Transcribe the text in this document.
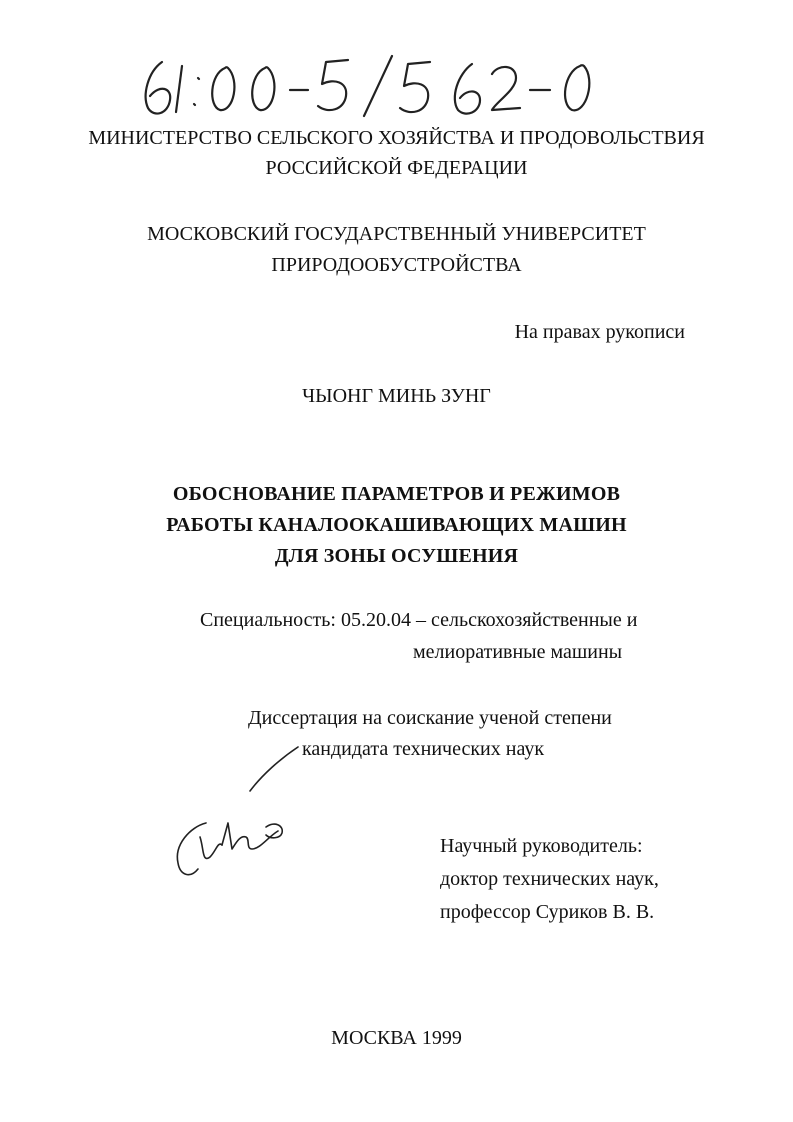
МИНИСТЕРСТВО СЕЛЬСКОГО ХОЗЯЙСТВА И ПРОДОВОЛЬСТВИЯ
РОССИЙСКОЙ ФЕДЕРАЦИИ
МОСКОВСКИЙ ГОСУДАРСТВЕННЫЙ УНИВЕРСИТЕТ
ПРИРОДООБУСТРОЙСТВА
На правах рукописи
ЧЫОНГ МИНЬ ЗУНГ
ОБОСНОВАНИЕ ПАРАМЕТРОВ И РЕЖИМОВ
РАБОТЫ КАНАЛООКАШИВАЮЩИХ МАШИН
ДЛЯ ЗОНЫ ОСУШЕНИЯ
Специальность: 05.20.04 – сельскохозяйственные и
мелиоративные машины
Диссертация на соискание ученой степени
кандидата технических наук
Научный руководитель:
доктор технических наук,
профессор Суриков В. В.
МОСКВА 1999
